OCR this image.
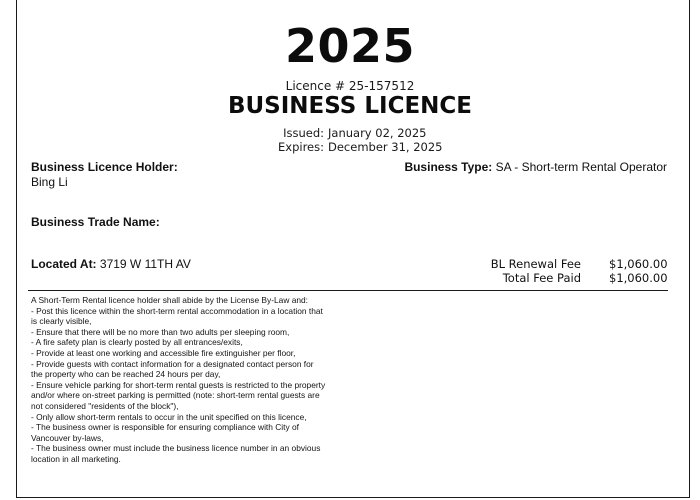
2025
Licence # 25-157512
BUSINESS LICENCE
Issued: January 02, 2025
Expires: December 31, 2025
Business Licence Holder:
Bing Li
Business Type: SA - Short-term Rental Operator
Business Trade Name:
Located At: 3719 W 11TH AV	BL Renewal Fee $1,060.00
Total Fee Paid $1,060.00
A Short-Term Rental licence holder shall abide by the License By-Law and:
- Post this licence within the short-term rental accommodation in a location that
is clearly visible,
- Ensure that there will be no more than two adults per sleeping room,
- A fire safety plan is clearly posted by all entrances/exits,
- Provide at least one working and accessible fire extinguisher per floor,
- Provide guests with contact information for a designated contact person for
the property who can be reached 24 hours per day,
- Ensure vehicle parking for short-term rental guests is restricted to the property
and/or where on-street parking is permitted (note: short-term rental guests are
not considered "residents of the block"),
- Only allow short-term rentals to occur in the unit specified on this licence,
- The business owner is responsible for ensuring compliance with City of
Vancouver by-laws,
- The business owner must include the business licence number in an obvious
location in all marketing.
